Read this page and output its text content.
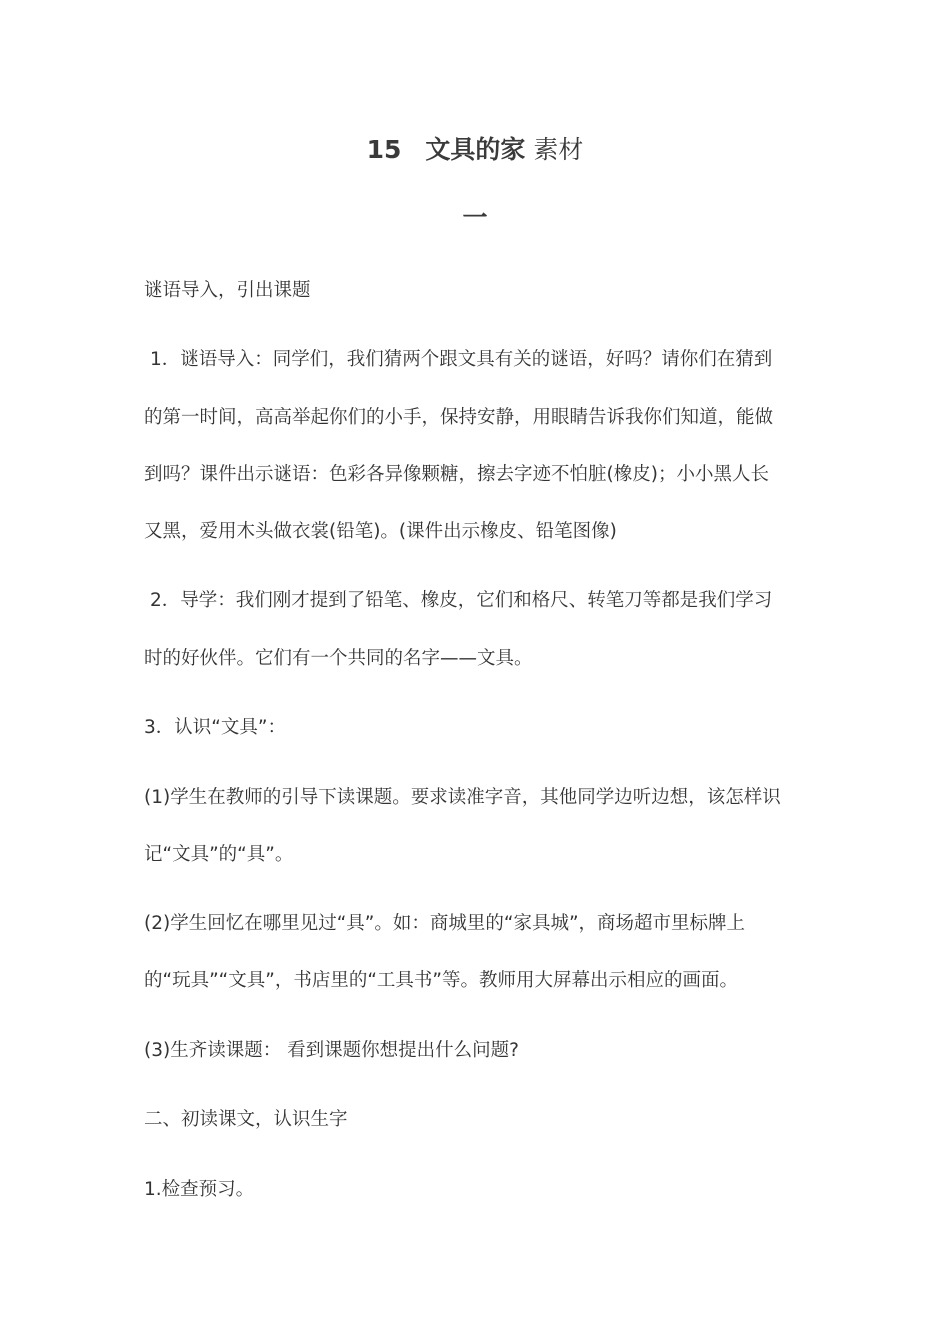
15 文具的家 素材
一
谜语导入，引出课题
1．谜语导入：同学们，我们猜两个跟文具有关的谜语，好吗？请你们在猜到
的第一时间，高高举起你们的小手，保持安静，用眼睛告诉我你们知道，能做
到吗？课件出示谜语：色彩各异像颗糖，擦去字迹不怕脏(橡皮)；小小黑人长
又黑，爱用木头做衣裳(铅笔)。(课件出示橡皮、铅笔图像)
2．导学：我们刚才提到了铅笔、橡皮，它们和格尺、转笔刀等都是我们学习
时的好伙伴。它们有一个共同的名字——文具。
3．认识“文具”：
(1)学生在教师的引导下读课题。要求读准字音，其他同学边听边想，该怎样识
记“文具”的“具”。
(2)学生回忆在哪里见过“具”。如：商城里的“家具城”，商场超市里标牌上
的“玩具”“文具”，书店里的“工具书”等。教师用大屏幕出示相应的画面。
(3)生齐读课题： 看到课题你想提出什么问题?
二、初读课文，认识生字
1.检查预习。
